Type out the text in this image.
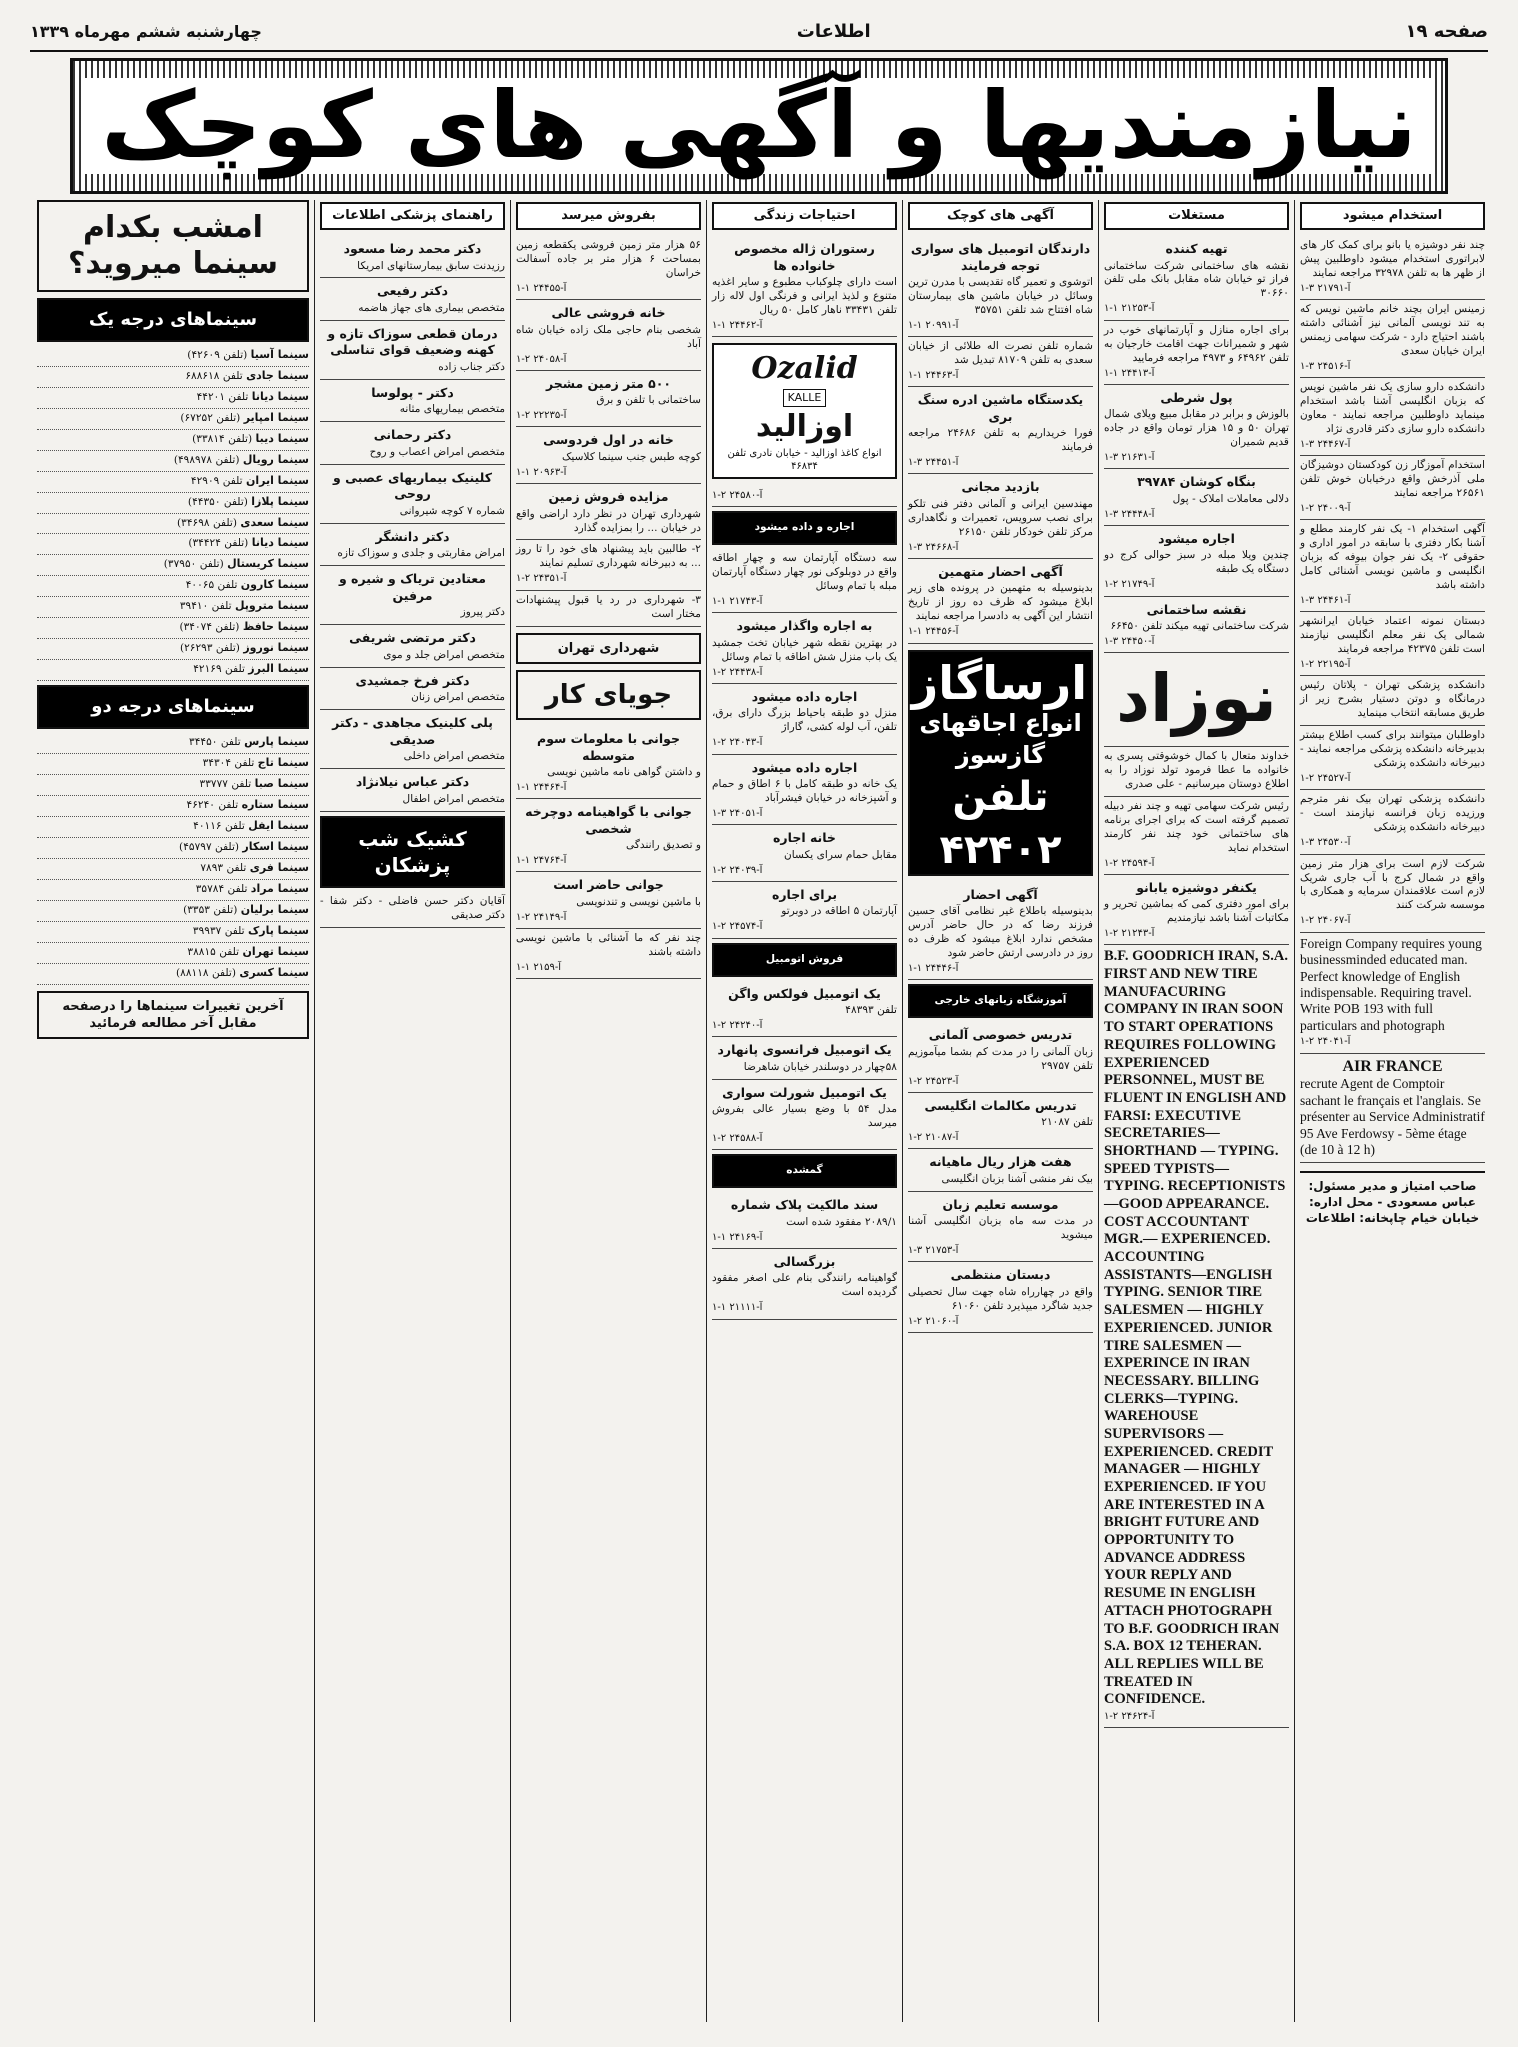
صفحه ۱۹
اطلاعات
چهارشنبه ششم مهرماه ۱۳۳۹
نیازمندیها و آگهی های کوچک
استخدام میشود

چند نفر دوشیزه یا بانو برای کمک کار های لابراتوری استخدام میشود داوطلبین پیش از ظهر ها به تلفن ۳۲۹۷۸ مراجعه نمایند

آ-۲۱۷۹۱ ۳-۱

زمینس ایران بچند خانم ماشین نویس که به تند نویسی آلمانی نیز آشنائی داشته باشند احتیاج دارد - شرکت سهامی زیمنس ایران خیابان سعدی

آ-۲۴۵۱۶ ۳-۱

دانشکده دارو سازی یک نفر ماشین نویس که بزبان انگلیسی آشنا باشد استخدام مینماید داوطلبین مراجعه نمایند - معاون دانشکده دارو سازی دکتر قادری نژاد

آ-۲۴۴۶۷ ۳-۱

استخدام آموزگار زن کودکستان دوشیزگان ملی آذرخش واقع درخیابان خوش تلفن ۲۶۵۶۱ مراجعه نمایند

آ-۲۴۰۰۹ ۲-۱

آگهی استخدام ۱- یک نفر کارمند مطلع و آشنا بکار دفتری با سابقه در امور اداری و حقوقی ۲- یک نفر جوان بیوفه که بزبان انگلیسی و ماشین نویسی آشنائی کامل داشته باشد

آ-۲۴۴۶۱ ۳-۱

دبستان نمونه اعتماد خیابان ایرانشهر شمالی یک نفر معلم انگلیسی نیازمند است تلفن ۴۲۳۷۵ مراجعه فرمایند

آ-۲۲۱۹۵ ۲-۱

دانشکده پزشکی تهران - پلاتان رئیس درمانگاه و دوتن دستیار بشرح زیر از طریق مسابقه انتخاب مینماید

داوطلبان میتوانند برای کسب اطلاع بیشتر بدبیرخانه دانشکده پزشکی مراجعه نمایند - دبیرخانه دانشکده پزشکی

آ-۲۴۵۲۷ ۲-۱

دانشکده پزشکی تهران بیک نفر مترجم ورزیده زبان فرانسه نیازمند است - دبیرخانه دانشکده پزشکی

آ-۲۴۵۳۰ ۳-۱

شرکت لازم است برای هزار متر زمین واقع در شمال کرج با آب جاری شریک لازم است علاقمندان سرمایه و همکاری با موسسه شرکت کنند

آ-۲۴۰۶۷ ۲-۱
Foreign Company requires young businessminded educated man. Perfect knowledge of English indispensable. Requiring travel. Write POB 193 with full particulars and photograph
آ-۲۴۰۴۱ ۲-۱
AIR FRANCE
recrute Agent de Comptoir sachant le français et l'anglais. Se présenter au Service Administratif 95 Ave Ferdowsy - 5ème étage (de 10 à 12 h)
صاحب امتیاز و مدیر مسئول: عباس مسعودی - محل اداره: خیابان خیام چاپخانه: اطلاعات
مستغلات
تهیه کننده

نقشه های ساختمانی شرکت ساختمانی فراز تو خیابان شاه مقابل بانک ملی تلفن ۳۰۶۶۰

آ-۲۱۲۵۳ ۱-۱

برای اجاره منازل و آپارتمانهای خوب در شهر و شمیرانات جهت اقامت خارجیان به تلفن ۶۴۹۶۲ و ۴۹۷۳ مراجعه فرمایید

آ-۲۴۴۱۳ ۱-۱
پول شرطی

بالوزش و برابر در مقابل مبیع ویلای شمال تهران ۵۰ و ۱۵ هزار تومان واقع در جاده قدیم شمیران

آ-۲۱۶۳۱ ۳-۱
بنگاه کوشان ۳۹۷۸۴

دلالی معاملات املاک - پول

آ-۲۴۴۴۸ ۳-۱
اجاره میشود

چندین ویلا مبله در سبز حوالی کرج دو دستگاه یک طبقه

آ-۲۱۷۴۹ ۲-۱
نقشه ساختمانی

شرکت ساختمانی تهیه میکند تلفن ۶۶۴۵۰

آ-۲۴۴۵۰ ۳-۱
نوزاد

خداوند متعال با کمال خوشوقتی پسری به خانواده ما عطا فرمود تولد نوزاد را به اطلاع دوستان میرسانیم - علی صدری

رئیس شرکت سهامی تهیه و چند نفر دبیله تصمیم گرفته است که برای اجرای برنامه های ساختمانی خود چند نفر کارمند استخدام نماید

آ-۲۴۵۹۴ ۲-۱
یکنفر دوشیزه یابانو

برای امور دفتری کمی که بماشین تحریر و مکاتبات آشنا باشد نیازمندیم

آ-۲۱۲۴۳ ۲-۱
B.F. GOODRICH IRAN, S.A.
FIRST AND NEW TIRE MANUFACURING COMPANY IN IRAN SOON TO START OPERATIONS REQUIRES FOLLOWING EXPERIENCED PERSONNEL, MUST BE FLUENT IN ENGLISH AND FARSI: EXECUTIVE SECRETARIES— SHORTHAND — TYPING. SPEED TYPISTS—TYPING. RECEPTIONISTS—GOOD APPEARANCE. COST ACCOUNTANT MGR.— EXPERIENCED. ACCOUNTING ASSISTANTS—ENGLISH TYPING. SENIOR TIRE SALESMEN — HIGHLY EXPERIENCED. JUNIOR TIRE SALESMEN — EXPERINCE IN IRAN NECESSARY. BILLING CLERKS—TYPING. WAREHOUSE SUPERVISORS — EXPERIENCED. CREDIT MANAGER — HIGHLY EXPERIENCED. IF YOU ARE INTERESTED IN A BRIGHT FUTURE AND OPPORTUNITY TO ADVANCE ADDRESS YOUR REPLY AND RESUME IN ENGLISH ATTACH PHOTOGRAPH TO B.F. GOODRICH IRAN S.A. BOX 12 TEHERAN. ALL REPLIES WILL BE TREATED IN CONFIDENCE.
آ-۲۴۶۲۴ ۲-۱
آگهی های کوچک
دارندگان اتومبیل های سواری توجه فرمایند

اتوشوی و تعمیر گاه تقدیسی با مدرن ترین وسائل در خیابان ماشین های بیمارستان شاه افتتاح شد تلفن ۳۵۷۵۱

آ-۲۰۹۹۱ ۱-۱

شماره تلفن نصرت اله طلائی از خیابان سعدی به تلفن ۸۱۷۰۹ تبدیل شد

آ-۲۴۴۶۳ ۱-۱
یکدستگاه ماشین ادره سنگ بری

فورا خریداریم به تلفن ۲۴۶۸۶ مراجعه فرمایند

آ-۲۴۴۵۱ ۳-۱
بازدید مجانی

مهندسین ایرانی و آلمانی دفتر فنی تلکو برای نصب سرویس، تعمیرات و نگاهداری مرکز تلفن خودکار تلفن ۲۶۱۵۰

آ-۲۴۶۶۸ ۳-۱
آگهی احضار متهمین

بدینوسیله به متهمین در پرونده های زیر ابلاغ میشود که ظرف ده روز از تاریخ انتشار این آگهی به دادسرا مراجعه نمایند

آ-۲۴۴۵۶ ۱-۱
ارساگاز
انواع اجاقهای گازسوز
تلفن ۴۲۴۰۲
آگهی احضار

بدینوسیله باطلاع غیر نظامی آقای حسین فرزند رضا که در حال حاضر آدرس مشخص ندارد ابلاغ میشود که ظرف ده روز در دادرسی ارتش حاضر شود

آ-۲۴۴۴۶ ۱-۱
آموزشگاه زبانهای خارجی
تدریس خصوصی آلمانی

زبان آلمانی را در مدت کم بشما میآموزیم تلفن ۲۹۷۵۷

آ-۲۴۵۲۳ ۲-۱
تدریس مکالمات انگلیسی

تلفن ۲۱۰۸۷

آ-۲۱۰۸۷ ۲-۱
هفت هزار ریال ماهیانه

بیک نفر منشی آشنا بزبان انگلیسی

موسسه تعلیم زبان

در مدت سه ماه بزبان انگلیسی آشنا میشوید

آ-۲۱۷۵۳ ۳-۱
دبستان منتظمی

واقع در چهارراه شاه جهت سال تحصیلی جدید شاگرد میپذیرد تلفن ۶۱۰۶۰

آ-۲۱۰۶۰ ۲-۱
احتیاجات زندگی
رستوران ژاله مخصوص خانواده ها

است دارای چلوکباب مطبوع و سایر اغذیه متنوع و لذیذ ایرانی و فرنگی اول لاله زار تلفن ۳۳۴۳۱ ناهار کامل ۵۰ ریال

آ-۲۴۴۶۲ ۱-۱
Ozalid
KALLE
اوزالید
انواع کاغذ اوزالید - خیابان نادری تلفن ۴۶۸۳۴
آ-۲۴۵۸۰ ۲-۱
اجاره و داده میشود

سه دستگاه آپارتمان سه و چهار اطاقه واقع در دوبلوکی نور چهار دستگاه آپارتمان مبله با تمام وسائل

آ-۲۱۷۴۳ ۱-۱
به اجاره واگذار میشود

در بهترین نقطه شهر خیابان تخت جمشید یک باب منزل شش اطاقه با تمام وسائل

آ-۲۴۴۳۸ ۲-۱
اجاره داده میشود

منزل دو طبقه باحیاط بزرگ دارای برق، تلفن، آب لوله کشی، گاراژ

آ-۲۴۰۴۳ ۲-۱
اجاره داده میشود

یک خانه دو طبقه کامل با ۶ اطاق و حمام و آشپزخانه در خیابان فیشرآباد

آ-۲۴۰۵۱ ۳-۱
خانه اجاره

مقابل حمام سرای یکسان

آ-۲۴۰۳۹ ۲-۱
برای اجاره

آپارتمان ۵ اطاقه در دوبرتو

آ-۲۴۵۷۴ ۲-۱
فروش اتومبیل
یک اتومبیل فولکس واگن

تلفن ۴۸۳۹۳

آ-۲۴۲۴۰ ۲-۱
یک اتومبیل فرانسوی پانهارد

۵۸چهار در دوسلندر خیابان شاهرضا

یک اتومبیل شورلت سواری

مدل ۵۴ با وضع بسیار عالی بفروش میرسد

آ-۲۴۵۸۸ ۲-۱
گمشده
سند مالکیت پلاک شماره

۲۰۸۹/۱ مفقود شده است

آ-۲۴۱۶۹ ۱-۱
بزرگسالی

گواهینامه رانندگی بنام علی اصغر مفقود گردیده است

آ-۲۱۱۱۱ ۱-۱
بفروش میرسد

۵۶ هزار متر زمین فروشی یکقطعه زمین بمساحت ۶ هزار متر بر جاده آسفالت خراسان

آ-۲۴۴۵۵ ۱-۱
خانه فروشی عالی

شخصی بنام حاجی ملک زاده خیابان شاه آباد

آ-۲۴۰۵۸ ۲-۱
۵۰۰ متر زمین مشجر

ساختمانی با تلفن و برق

آ-۲۲۲۳۵ ۲-۱
خانه در اول فردوسی

کوچه طبس جنب سینما کلاسیک

آ-۲۰۹۶۳ ۱-۱
مزایده فروش زمین

شهرداری تهران در نظر دارد اراضی واقع در خیابان ... را بمزایده گذارد

۲- طالبین باید پیشنهاد های خود را تا روز ... به دبیرخانه شهرداری تسلیم نمایند

آ-۲۴۳۵۱ ۲-۱

۳- شهرداری در رد یا قبول پیشنهادات مختار است

شهرداری تهران
جویای کار
جوانی با معلومات سوم متوسطه

و داشتن گواهی نامه ماشین نویسی

آ-۲۴۴۶۴ ۱-۱
جوانی با گواهینامه دوچرخه شخصی

و تصدیق رانندگی

آ-۲۴۷۶۴ ۱-۱
جوانی حاضر است

با ماشین نویسی و تندنویسی

آ-۲۴۱۴۹ ۲-۱

چند نفر که ما آشنائی با ماشین نویسی داشته باشند

آ-۲۱۵۹ ۱-۱
راهنمای پزشکی اطلاعات
دکتر محمد رضا مسعود

رزیدنت سابق بیمارستانهای امریکا

دکتر رفیعی

متخصص بیماری های جهاز هاضمه

درمان قطعی سوزاک تازه و کهنه وضعیف قوای تناسلی

دکتر جناب زاده

دکتر - پولوسا

متخصص بیماریهای مثانه

دکتر رحمانی

متخصص امراض اعصاب و روح

کلینیک بیماریهای عصبی و روحی

شماره ۷ کوچه شیروانی

دکتر دانشگر

امراض مقاربتی و جلدی و سوزاک تازه

معتادین تریاک و شیره و مرفین

دکتر پیروز

دکتر مرتضی شریفی

متخصص امراض جلد و موی

دکتر فرخ جمشیدی

متخصص امراض زنان

پلی کلینیک مجاهدی - دکتر صدیقی

متخصص امراض داخلی

دکتر عباس نیلانژاد

متخصص امراض اطفال

کشیک شب پزشکان

آقایان دکتر حسن فاضلی - دکتر شفا - دکتر صدیقی

امشب بکدام سینما میروید؟
سینماهای درجه یک
سینما آسیا (تلفن ۴۲۶۰۹)
سینما جادی تلفن ۶۸۸۶۱۸
سینما دیانا تلفن ۴۴۲۰۱
سینما امپایر (تلفن ۶۷۲۵۲)
سینما دیبا (تلفن ۳۳۸۱۴)
سینما رویال (تلفن ۴۹۸۹۷۸)
سینما ایران تلفن ۴۲۹۰۹
سینما پلازا (تلفن ۴۴۳۵۰)
سینما سعدی (تلفن ۳۴۶۹۸)
سینما دیانا (تلفن ۳۴۴۲۴)
سینما کریستال (تلفن ۳۷۹۵۰)
سینما کارون تلفن ۴۰۰۶۵
سینما متروپل تلفن ۳۹۴۱۰
سینما حافظ (تلفن ۳۴۰۷۴)
سینما نوروز (تلفن ۲۶۲۹۳)
سینما البرز تلفن ۴۲۱۶۹
سینماهای درجه دو
سینما پارس تلفن ۳۴۴۵۰
سینما تاج تلفن ۳۴۳۰۴
سینما صبا تلفن ۳۳۷۷۷
سینما ستاره تلفن ۴۶۲۴۰
سینما ایفل تلفن ۴۰۱۱۶
سینما اسکار (تلفن ۴۵۷۹۷)
سینما فری تلفن ۷۸۹۳
سینما مراد تلفن ۳۵۷۸۴
سینما برلیان (تلفن ۳۳۵۳)
سینما پارک تلفن ۳۹۹۳۷
سینما تهران تلفن ۳۸۸۱۵
سینما کسری (تلفن ۸۸۱۱۸)
آخرین تغییرات سینماها را درصفحه مقابل آخر مطالعه فرمائید
